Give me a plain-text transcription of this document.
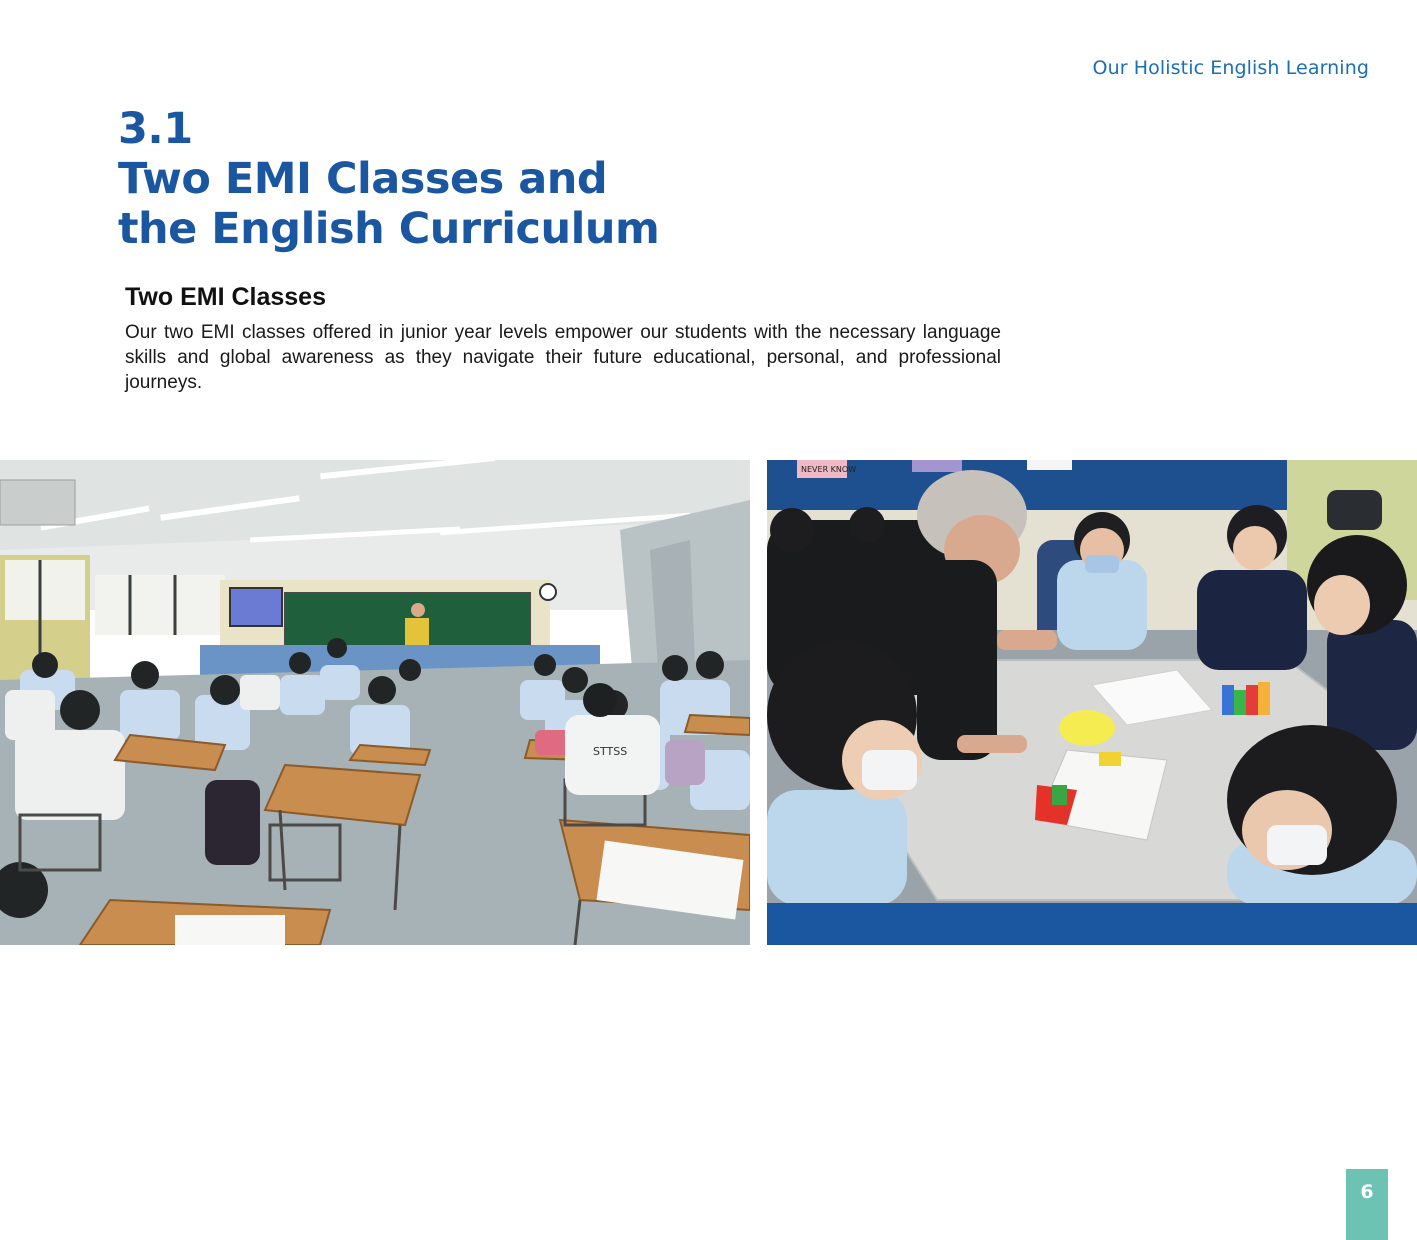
Our Holistic English Learning
3.1
Two EMI Classes and
the English Curriculum
Two EMI Classes

Our two EMI classes offered in junior year levels empower our students with the necessary language skills and global awareness as they navigate their future educational, personal, and professional journeys.

STTSS
NEVER KNOW
6
